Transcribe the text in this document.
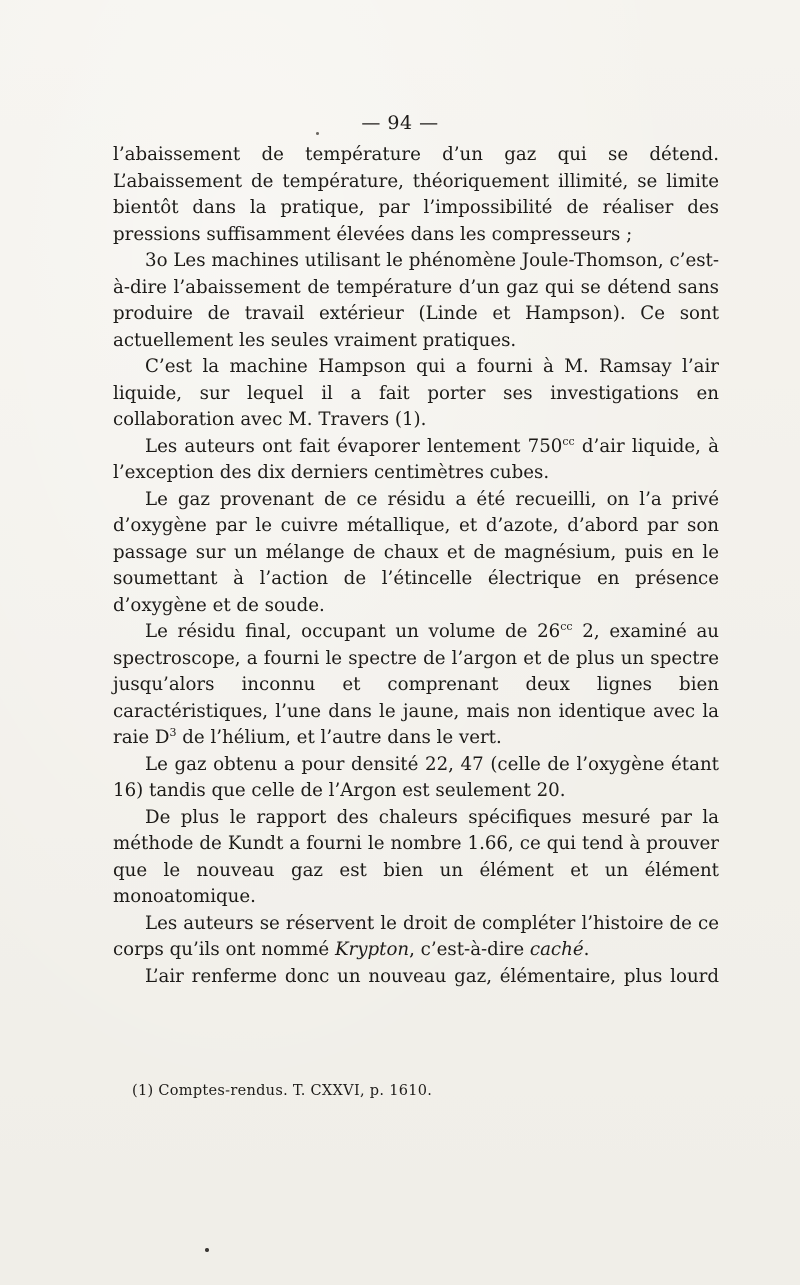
— 94 —

l’abaissement de température d’un gaz qui se détend. L’abaissement de température, théoriquement illimité, se limite bientôt dans la pratique, par l’impossibilité de réaliser des pressions suffisamment élevées dans les compresseurs ;

3o Les machines utilisant le phénomène Joule-Thomson, c’est-à-dire l’abaissement de température d’un gaz qui se détend sans produire de travail extérieur (Linde et Hampson). Ce sont actuellement les seules vraiment pratiques.

C’est la machine Hampson qui a fourni à M. Ramsay l’air liquide, sur lequel il a fait porter ses investigations en collaboration avec M. Travers (1).

Les auteurs ont fait évaporer lentement $750^{cc}$ d’air liquide, à l’exception des dix derniers centimètres cubes.

Le gaz provenant de ce résidu a été recueilli, on l’a privé d’oxygène par le cuivre métallique, et d’azote, d’abord par son passage sur un mélange de chaux et de magnésium, puis en le soumettant à l’action de l’étincelle électrique en présence d’oxygène et de soude.

Le résidu final, occupant un volume de $26^{cc}$ 2, examiné au spectroscope, a fourni le spectre de l’argon et de plus un spectre jusqu’alors inconnu et comprenant deux lignes bien caractéristiques, l’une dans le jaune, mais non identique avec la raie $D^3$ de l’hélium, et l’autre dans le vert.

Le gaz obtenu a pour densité 22, 47 (celle de l’oxygène étant 16) tandis que celle de l’Argon est seulement 20.

De plus le rapport des chaleurs spécifiques mesuré par la méthode de Kundt a fourni le nombre 1.66, ce qui tend à prouver que le nouveau gaz est bien un élément et un élément monoatomique.

Les auteurs se réservent le droit de compléter l’histoire de ce corps qu’ils ont nommé Krypton, c’est-à-dire caché.

L’air renferme donc un nouveau gaz, élémentaire, plus lourd

(1) Comptes-rendus. T. CXXVI, p. 1610.
